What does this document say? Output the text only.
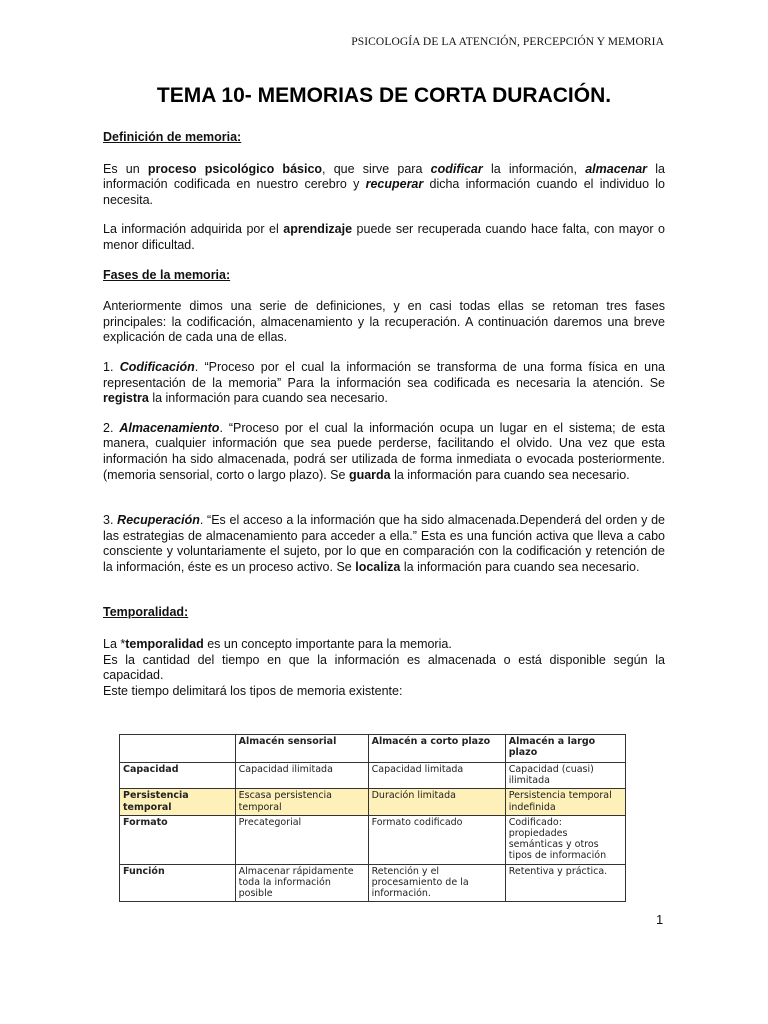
PSICOLOGÍA DE LA ATENCIÓN, PERCEPCIÓN Y MEMORIA
TEMA 10- MEMORIAS DE CORTA DURACIÓN.

Definición de memoria:

Es un proceso psicológico básico, que sirve para codificar la información, almacenar la información codificada en nuestro cerebro y recuperar dicha información cuando el individuo lo necesita.

La información adquirida por el aprendizaje puede ser recuperada cuando hace falta, con mayor o menor dificultad.

Fases de la memoria:

Anteriormente dimos una serie de definiciones, y en casi todas ellas se retoman tres fases principales: la codificación, almacenamiento y la recuperación. A continuación daremos una breve explicación de cada una de ellas.

1. Codificación. “Proceso por el cual la información se transforma de una forma física en una representación de la memoria” Para la información sea codificada es necesaria la atención. Se registra la información para cuando sea necesario.

2. Almacenamiento. “Proceso por el cual la información ocupa un lugar en el sistema; de esta manera, cualquier información que sea puede perderse, facilitando el olvido. Una vez que esta información ha sido almacenada, podrá ser utilizada de forma inmediata o evocada posteriormente. (memoria sensorial, corto o largo plazo). Se guarda la información para cuando sea necesario.

3. Recuperación. “Es el acceso a la información que ha sido almacenada.Dependerá del orden y de las estrategias de almacenamiento para acceder a ella.” Esta es una función activa que lleva a cabo consciente y voluntariamente el sujeto, por lo que en comparación con la codificación y retención de la información, éste es un proceso activo. Se localiza la información para cuando sea necesario.

Temporalidad:

La *temporalidad es un concepto importante para la memoria.

Es la cantidad del tiempo en que la información es almacenada o está disponible según la capacidad.

Este tiempo delimitará los tipos de memoria existente:

	Almacén sensorial	Almacén a corto plazo	Almacén a largo plazo
Capacidad	Capacidad ilimitada	Capacidad limitada	Capacidad (cuasi) ilimitada
Persistencia temporal	Escasa persistencia temporal	Duración limitada	Persistencia temporal indefinida
Formato	Precategorial	Formato codificado	Codificado: propiedades semánticas y otros tipos de información
Función	Almacenar rápidamente toda la información posible	Retención y el procesamiento de la información.	Retentiva y práctica.
1
